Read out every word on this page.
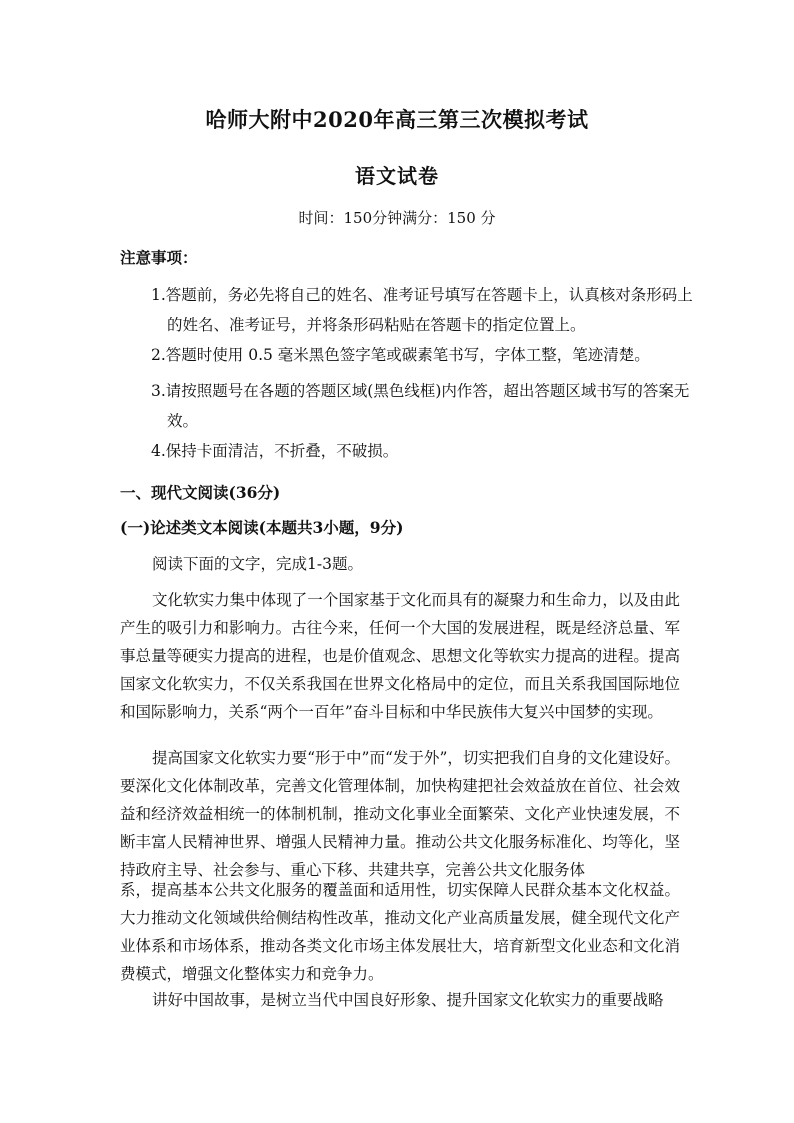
哈师大附中2020年高三第三次模拟考试
语文试卷
时间：150分钟满分：150 分
注意事项：
1.答题前，务必先将自己的姓名、准考证号填写在答题卡上，认真核对条形码上的姓名、准考证号，并将条形码粘贴在答题卡的指定位置上。
2.答题时使用 0.5 毫米黑色签字笔或碳素笔书写，字体工整，笔迹清楚。
3.请按照题号在各题的答题区域(黑色线框)内作答，超出答题区域书写的答案无效。
4.保持卡面清洁，不折叠，不破损。
一、现代文阅读(36分)
(一)论述类文本阅读(本题共3小题，9分)
阅读下面的文字，完成1-3题。
文化软实力集中体现了一个国家基于文化而具有的凝聚力和生命力，以及由此产生的吸引力和影响力。古往今来，任何一个大国的发展进程，既是经济总量、军事总量等硬实力提高的进程，也是价值观念、思想文化等软实力提高的进程。提高国家文化软实力，不仅关系我国在世界文化格局中的定位，而且关系我国国际地位和国际影响力，关系“两个一百年”奋斗目标和中华民族伟大复兴中国梦的实现。
提高国家文化软实力要“形于中”而“发于外”，切实把我们自身的文化建设好。要深化文化体制改革，完善文化管理体制，加快构建把社会效益放在首位、社会效益和经济效益相统一的体制机制，推动文化事业全面繁荣、文化产业快速发展，不断丰富人民精神世界、增强人民精神力量。推动公共文化服务标准化、均等化，坚持政府主导、社会参与、重心下移、共建共享，完善公共文化服务体
系，提高基本公共文化服务的覆盖面和适用性，切实保障人民群众基本文化权益。大力推动文化领域供给侧结构性改革，推动文化产业高质量发展，健全现代文化产业体系和市场体系，推动各类文化市场主体发展壮大，培育新型文化业态和文化消费模式，增强文化整体实力和竞争力。
讲好中国故事，是树立当代中国良好形象、提升国家文化软实力的重要战略
